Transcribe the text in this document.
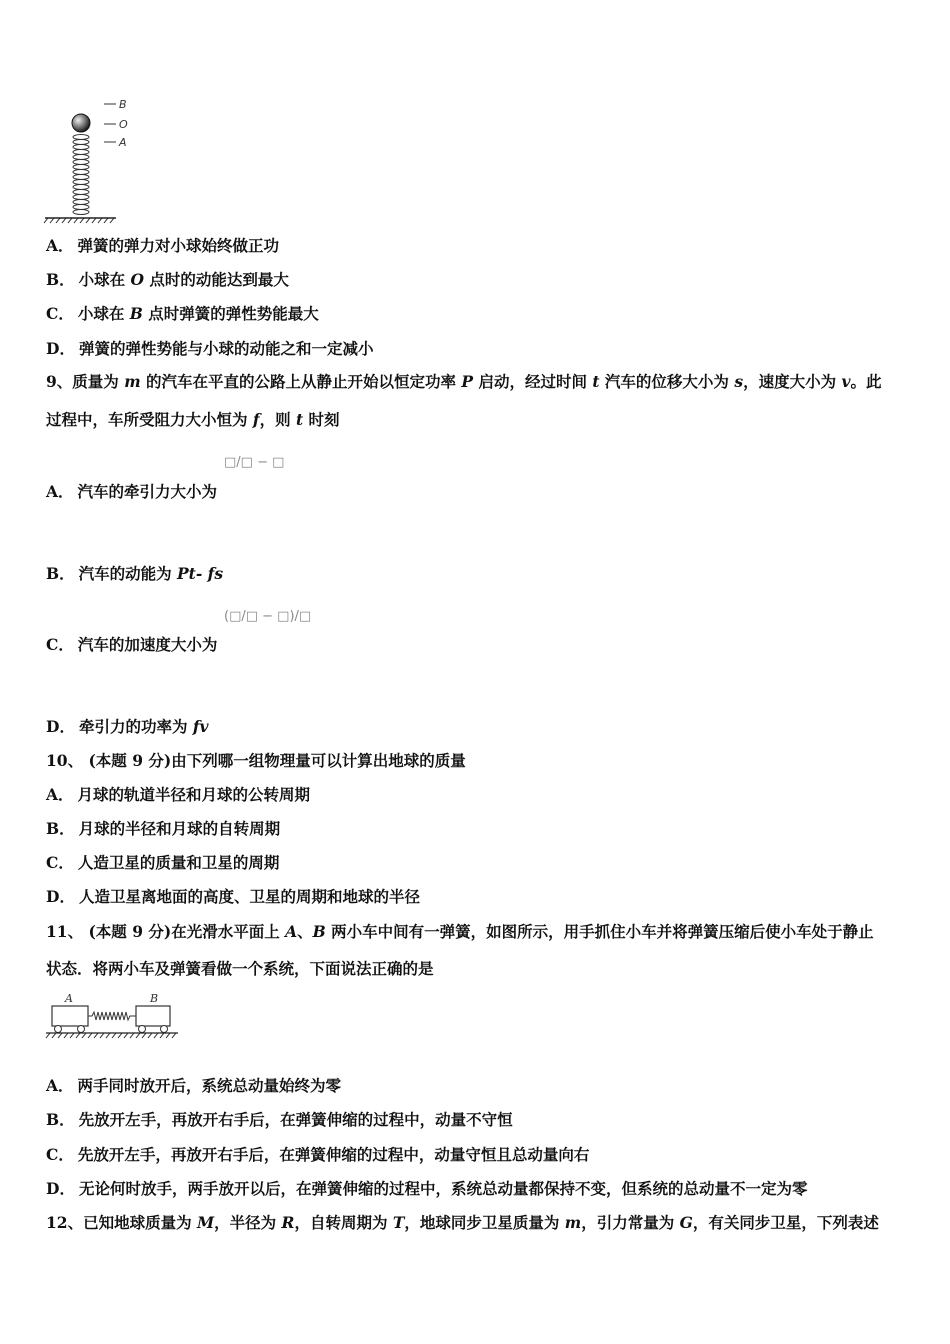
B
O
A
A． 弹簧的弹力对小球始终做正功
B． 小球在 O 点时的动能达到最大
C． 小球在 B 点时弹簧的弹性势能最大
D． 弹簧的弹性势能与小球的动能之和一定减小
9、质量为 m 的汽车在平直的公路上从静止开始以恒定功率 P 启动，经过时间 t 汽车的位移大小为 s，速度大小为 v。此
过程中，车所受阻力大小恒为 f，则 t 时刻
□/□ − □
A． 汽车的牵引力大小为
B． 汽车的动能为 Pt- fs
(□/□ − □)/□
C． 汽车的加速度大小为
D． 牵引力的功率为 fv
10、 (本题 9 分)由下列哪一组物理量可以计算出地球的质量
A． 月球的轨道半径和月球的公转周期
B． 月球的半径和月球的自转周期
C． 人造卫星的质量和卫星的周期
D． 人造卫星离地面的高度、卫星的周期和地球的半径
11、 (本题 9 分)在光滑水平面上 A、B 两小车中间有一弹簧，如图所示，用手抓住小车并将弹簧压缩后使小车处于静止
状态．将两小车及弹簧看做一个系统，下面说法正确的是
A	B
A． 两手同时放开后，系统总动量始终为零
B． 先放开左手，再放开右手后，在弹簧伸缩的过程中，动量不守恒
C． 先放开左手，再放开右手后，在弹簧伸缩的过程中，动量守恒且总动量向右
D． 无论何时放手，两手放开以后，在弹簧伸缩的过程中，系统总动量都保持不变，但系统的总动量不一定为零
12、已知地球质量为 M，半径为 R，自转周期为 T，地球同步卫星质量为 m，引力常量为 G，有关同步卫星，下列表述
